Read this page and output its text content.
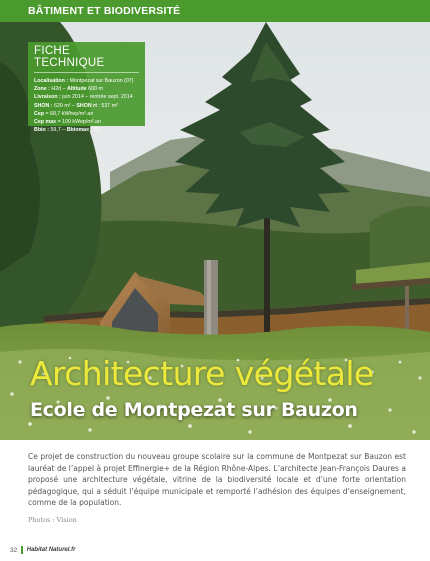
BÂTIMENT ET BIODIVERSITÉ
FICHE TECHNIQUE
Localisation : Montpezat sur Bauzon (07)
Zone : H2d – Altitude 600 m
Livraison : juin 2014 – rentrée sept. 2014
SHON : 620 m² – SHON rt : 537 m²
Cep = 68,7 kWhep/m².an
Cep max = 100 kWep/m².an
Bbio : 59,7 – Bbiomax : 75
Architecture végétale
Ecole de Montpezat sur Bauzon

Ce projet de construction du nouveau groupe scolaire sur la commune de Montpezat sur Bauzon est lauréat de l’appel à projet Effinergie+ de la Région Rhône-Alpes. L’architecte Jean-François Daures a proposé une architecture végétale, vitrine de la biodiversité locale et d’une forte orientation pédagogique, qui a séduit l’équipe municipale et remporté l’adhésion des équipes d’enseignement, comme de la population.

Photos : Vision
32 Habitat Naturel.fr
